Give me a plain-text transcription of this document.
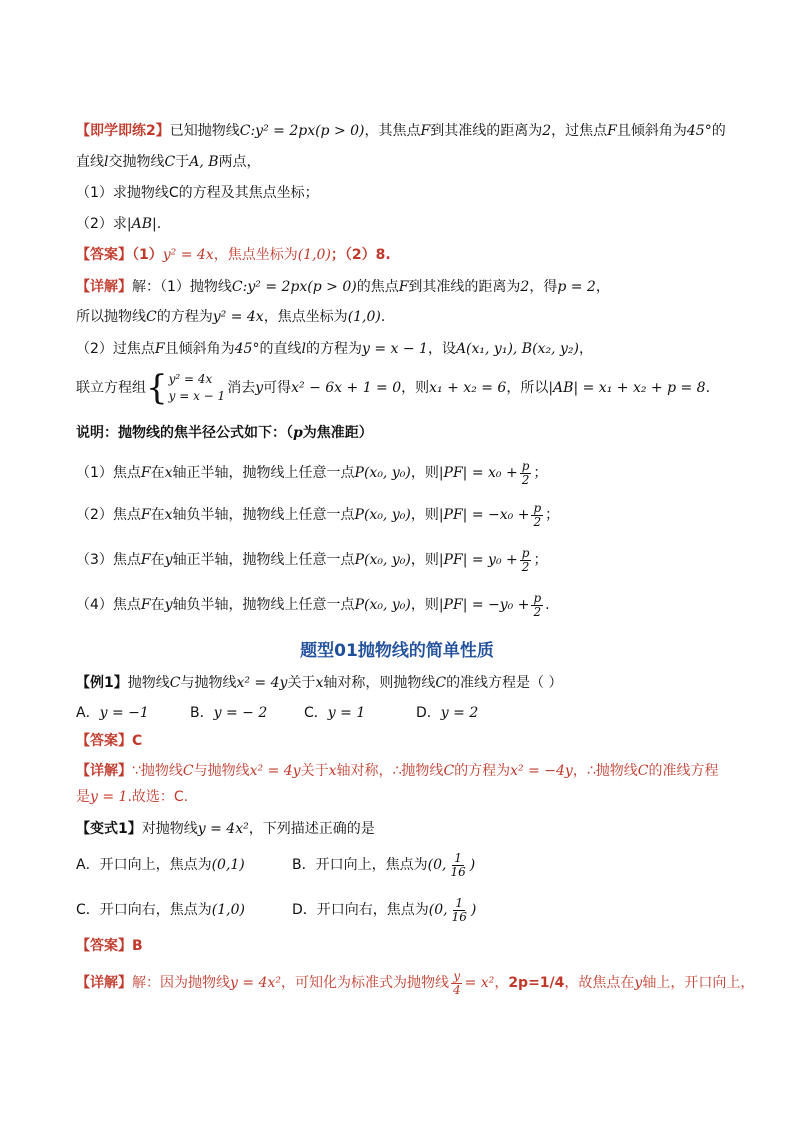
【即学即练2】已知抛物线C:y² = 2px(p > 0)，其焦点F到其准线的距离为2，过焦点F且倾斜角为45°的
直线l交抛物线C于A, B两点，
（1）求抛物线C的方程及其焦点坐标；
（2）求|AB|.
【答案】（1）y² = 4x，焦点坐标为(1,0)；（2）8.
【详解】解：（1）抛物线C:y² = 2px(p > 0)的焦点F到其准线的距离为2，得p = 2，
所以抛物线C的方程为y² = 4x，焦点坐标为(1,0).
（2）过焦点F且倾斜角为45°的直线l的方程为y = x − 1，设A(x₁, y₁), B(x₂, y₂)，
联立方程组{ y² = 4x
y = x − 1 消去y可得x² − 6x + 1 = 0，则x₁ + x₂ = 6，所以|AB| = x₁ + x₂ + p = 8.
说明：抛物线的焦半径公式如下：（p为焦准距）
（1）焦点F在x轴正半轴，抛物线上任意一点P(x₀, y₀)，则$|PF| = x_0 + \frac{p}{2}$ ；
（2）焦点F在x轴负半轴，抛物线上任意一点P(x₀, y₀)，则$|PF| = -x_0 + \frac{p}{2}$ ；
（3）焦点F在y轴正半轴，抛物线上任意一点P(x₀, y₀)，则$|PF| = y_0 + \frac{p}{2}$ ；
（4）焦点F在y轴负半轴，抛物线上任意一点P(x₀, y₀)，则$|PF| = -y_0 + \frac{p}{2}$ .
题型01抛物线的简单性质
【例1】抛物线C与抛物线x² = 4y关于x轴对称，则抛物线C的准线方程是（ ）
A．y = −1	B．y = − 2	C．y = 1	D．y = 2
【答案】C
【详解】∵抛物线C与抛物线x² = 4y关于x轴对称，∴抛物线C的方程为x² = −4y，∴抛物线C的准线方程
是y = 1.故选：C.
【变式1】对抛物线y = 4x²，下列描述正确的是
A．开口向上，焦点为(0,1)	B．开口向上，焦点为(0, $\frac{1}{16}$ )
C．开口向右，焦点为(1,0)	D．开口向右，焦点为(0, $\frac{1}{16}$ )
【答案】B
【详解】解：因为抛物线y = 4x²，可知化为标准式为抛物线 $\frac{y}{4} = x^2$，2p=1/4，故焦点在y轴上，开口向上，
